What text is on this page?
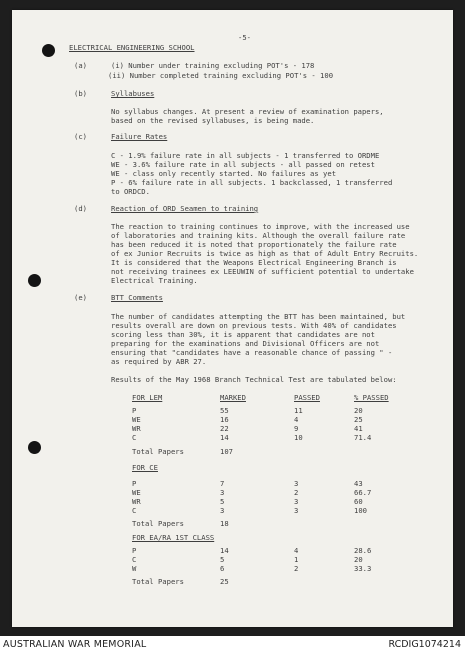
-5-
ELECTRICAL ENGINEERING SCHOOL
(a)	(i) Number under training excluding POT's - 178
(ii) Number completed training excluding POT's - 100
(b)	Syllabuses
No syllabus changes. At present a review of examination papers,
based on the revised syllabuses, is being made.
(c)	Failure Rates
C - 1.9% failure rate in all subjects - 1 transferred to ORDME
WE - 3.6% failure rate in all subjects - all passed on retest
WE - class only recently started. No failures as yet
P - 6% failure rate in all subjects. 1 backclassed, 1 transferred
to ORDCD.
(d)	Reaction of ORD Seamen to training
The reaction to training continues to improve, with the increased use
of laboratories and training kits. Although the overall failure rate
has been reduced it is noted that proportionately the failure rate
of ex Junior Recruits is twice as high as that of Adult Entry Recruits.
It is considered that the Weapons Electrical Engineering Branch is
not receiving trainees ex LEEUWIN of sufficient potential to undertake
Electrical Training.
(e)	BTT Comments
The number of candidates attempting the BTT has been maintained, but
results overall are down on previous tests. With 40% of candidates
scoring less than 30%, it is apparent that candidates are not
preparing for the examinations and Divisional Officers are not
ensuring that "candidates have a reasonable chance of passing " -
as required by ABR 27.
Results of the May 1968 Branch Technical Test are tabulated below:
FOR LEM	MARKED	PASSED	% PASSED
P	55	11	20
WE	16	4	25
WR	22	9	41
C	14	10	71.4
Total Papers	107
FOR CE
P	7	3	43
WE	3	2	66.7
WR	5	3	60
C	3	3	100
Total Papers	18
FOR EA/RA 1ST CLASS
P	14	4	28.6
C	5	1	20
W	6	2	33.3
Total Papers	25
AUSTRALIAN WAR MEMORIAL	RCDIG1074214
